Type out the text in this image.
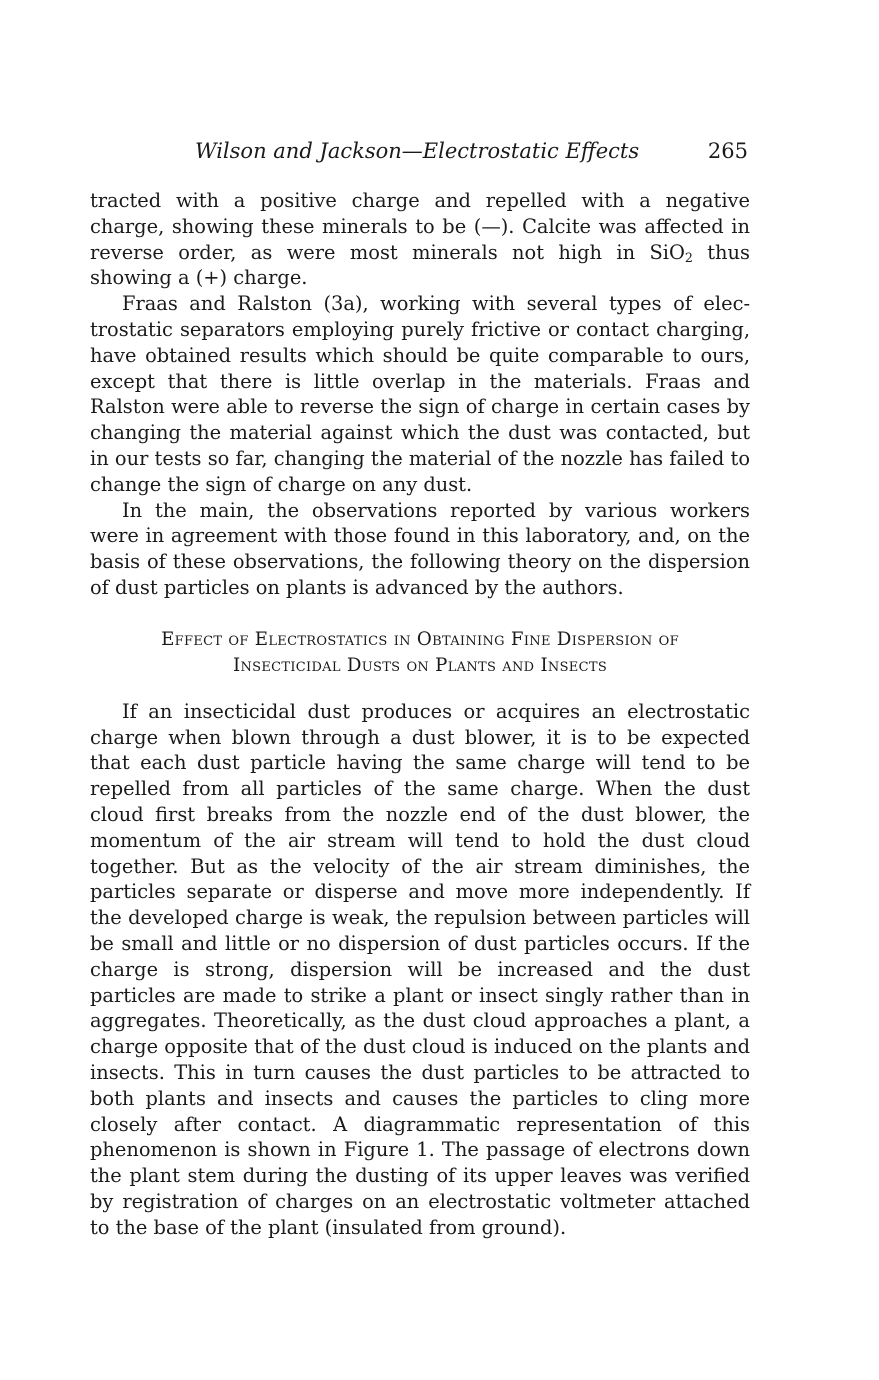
Wilson and Jackson—Electrostatic Effects	265

tracted with a positive charge and repelled with a negative charge, showing these minerals to be (—). Calcite was affected in reverse order, as were most minerals not high in SiO$_2$ thus showing a (+) charge.

Fraas and Ralston (3a), working with several types of electrostatic separators employing purely frictive or contact charging, have obtained results which should be quite comparable to ours, except that there is little overlap in the materials. Fraas and Ralston were able to reverse the sign of charge in certain cases by changing the material against which the dust was contacted, but in our tests so far, changing the material of the nozzle has failed to change the sign of charge on any dust.

In the main, the observations reported by various workers were in agreement with those found in this laboratory, and, on the basis of these observations, the following theory on the dispersion of dust particles on plants is advanced by the authors.

Effect of Electrostatics in Obtaining Fine Dispersion of
Insecticidal Dusts on Plants and Insects

If an insecticidal dust produces or acquires an electrostatic charge when blown through a dust blower, it is to be expected that each dust particle having the same charge will tend to be repelled from all particles of the same charge. When the dust cloud first breaks from the nozzle end of the dust blower, the momentum of the air stream will tend to hold the dust cloud together. But as the velocity of the air stream diminishes, the particles separate or disperse and move more independently. If the developed charge is weak, the repulsion between particles will be small and little or no dispersion of dust particles occurs. If the charge is strong, dispersion will be increased and the dust particles are made to strike a plant or insect singly rather than in aggregates. Theoretically, as the dust cloud approaches a plant, a charge opposite that of the dust cloud is induced on the plants and insects. This in turn causes the dust particles to be attracted to both plants and insects and causes the particles to cling more closely after contact. A diagrammatic representation of this phenomenon is shown in Figure 1. The passage of electrons down the plant stem during the dusting of its upper leaves was verified by registration of charges on an electrostatic voltmeter attached to the base of the plant (insulated from ground).
